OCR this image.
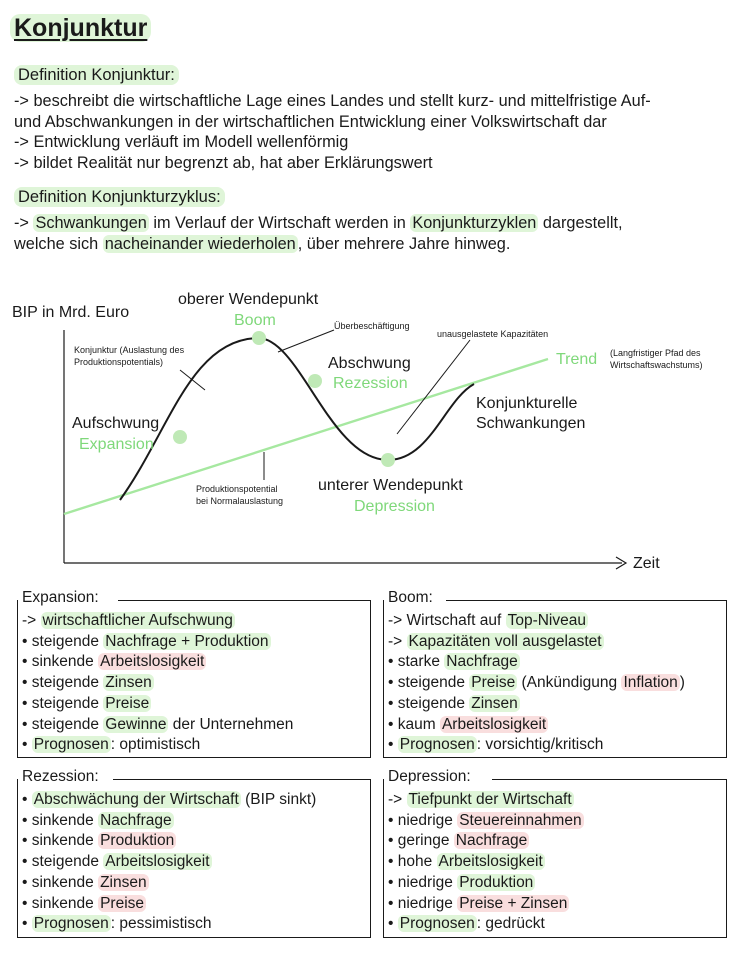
Konjunktur
Definition Konjunktur:
-> beschreibt die wirtschaftliche Lage eines Landes und stellt kurz- und mittelfristige Auf-
und Abschwankungen in der wirtschaftlichen Entwicklung einer Volkswirtschaft dar
-> Entwicklung verläuft im Modell wellenförmig
-> bildet Realität nur begrenzt ab, hat aber Erklärungswert
Definition Konjunkturzyklus:
-> Schwankungen im Verlauf der Wirtschaft werden in Konjunkturzyklen dargestellt,
welche sich nacheinander wiederholen , über mehrere Jahre hinweg.
BIP in Mrd. Euro
Zeit
Trend (Langfristiger Pfad des
Wirtschaftswachstums)
oberer Wendepunkt
Boom
Aufschwung
Expansion
Abschwung
Rezession
unterer Wendepunkt
Depression
Konjunktur (Auslastung des
Produktionspotentials)
Überbeschäftigung
unausgelastete Kapazitäten
Konjunkturelle
Schwankungen
Produktionspotential
bei Normalauslastung
Expansion:
-> wirtschaftlicher Aufschwung
• steigende Nachfrage + Produktion
• sinkende Arbeitslosigkeit
• steigende Zinsen
• steigende Preise
• steigende Gewinne der Unternehmen
• Prognosen : optimistisch
Boom:
-> Wirtschaft auf Top-Niveau
-> Kapazitäten voll ausgelastet
• starke Nachfrage
• steigende Preise (Ankündigung Inflation )
• steigende Zinsen
• kaum Arbeitslosigkeit
• Prognosen : vorsichtig/kritisch
Rezession:
• Abschwächung der Wirtschaft (BIP sinkt)
• sinkende Nachfrage
• sinkende Produktion
• steigende Arbeitslosigkeit
• sinkende Zinsen
• sinkende Preise
• Prognosen : pessimistisch
Depression:
-> Tiefpunkt der Wirtschaft
• niedrige Steuereinnahmen
• geringe Nachfrage
• hohe Arbeitslosigkeit
• niedrige Produktion
• niedrige Preise + Zinsen
• Prognosen : gedrückt
